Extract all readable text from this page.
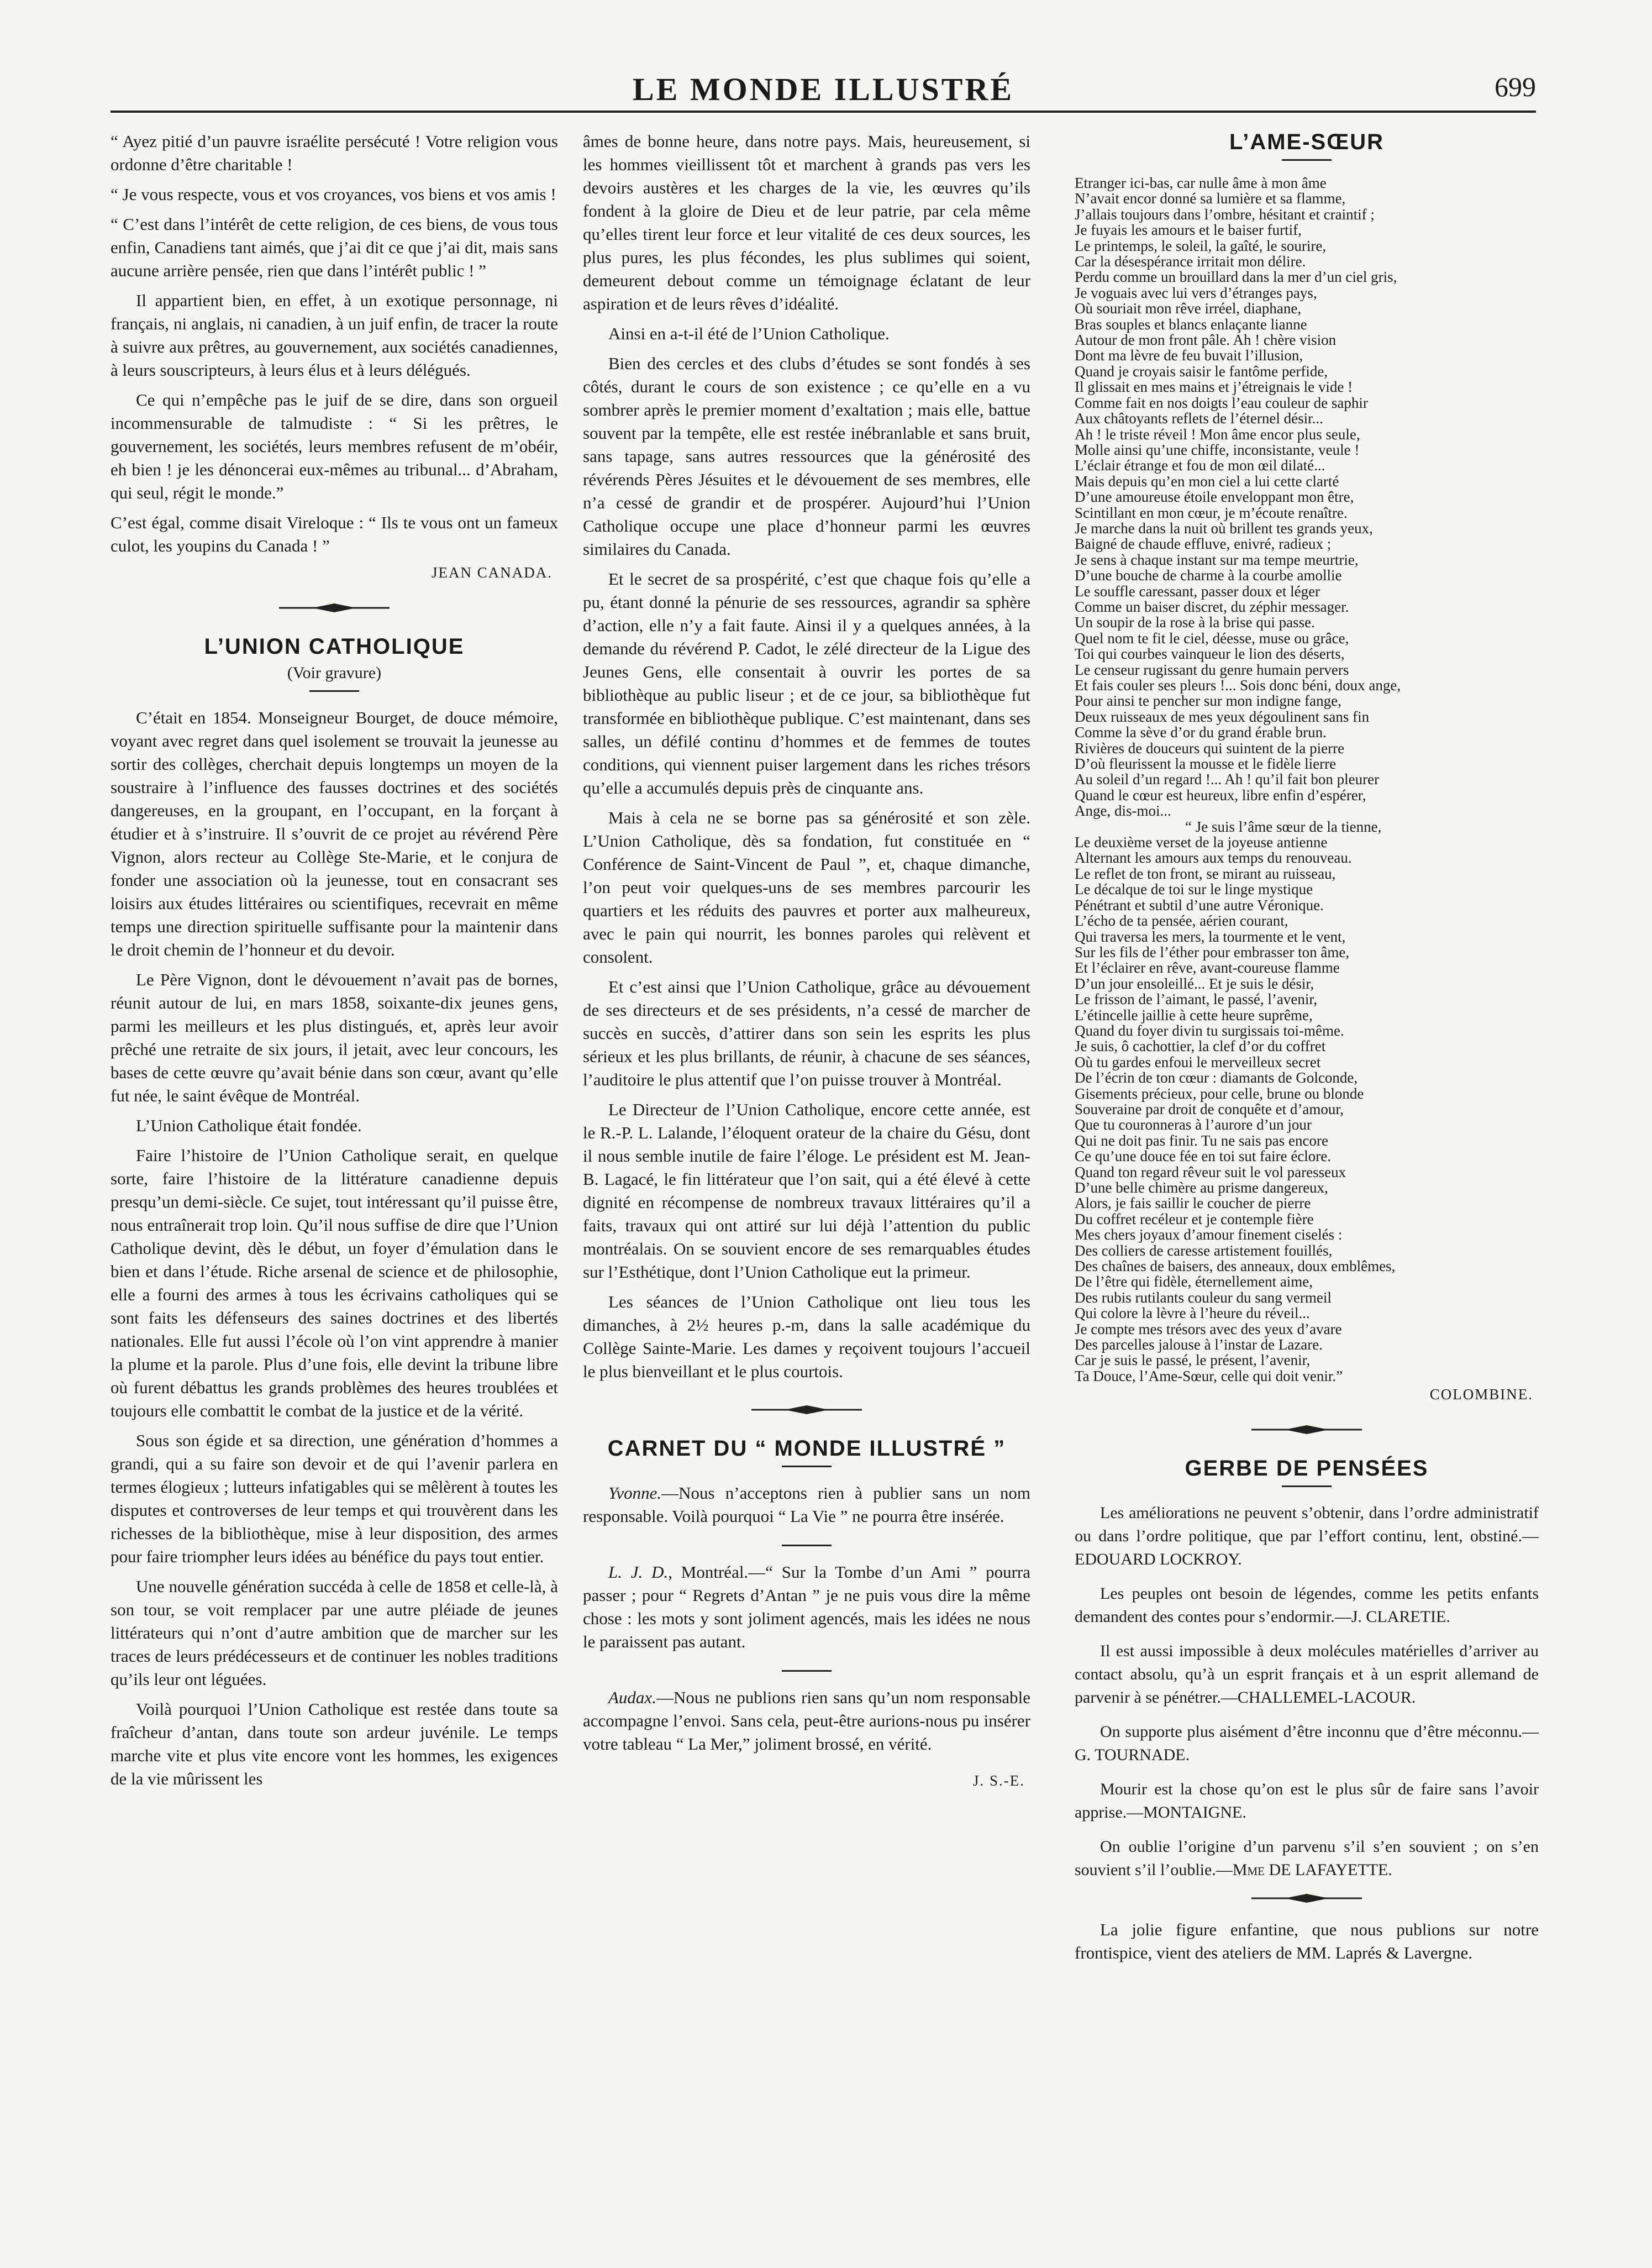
LE MONDE ILLUSTRÉ	699

“ Ayez pitié d’un pauvre israélite persécuté ! Votre religion vous ordonne d’être charitable !

“ Je vous respecte, vous et vos croyances, vos biens et vos amis !

“ C’est dans l’intérêt de cette religion, de ces biens, de vous tous enfin, Canadiens tant aimés, que j’ai dit ce que j’ai dit, mais sans aucune arrière pensée, rien que dans l’intérêt public ! ”

Il appartient bien, en effet, à un exotique personnage, ni français, ni anglais, ni canadien, à un juif enfin, de tracer la route à suivre aux prêtres, au gouvernement, aux sociétés canadiennes, à leurs souscripteurs, à leurs élus et à leurs délégués.

Ce qui n’empêche pas le juif de se dire, dans son orgueil incommensurable de talmudiste : “ Si les prêtres, le gouvernement, les sociétés, leurs membres refusent de m’obéir, eh bien ! je les dénoncerai eux-mêmes au tribunal... d’Abraham, qui seul, régit le monde.”

C’est égal, comme disait Vireloque : “ Ils te vous ont un fameux culot, les youpins du Canada ! ”

JEAN CANADA.
L’UNION CATHOLIQUE
(Voir gravure)

C’était en 1854. Monseigneur Bourget, de douce mémoire, voyant avec regret dans quel isolement se trouvait la jeunesse au sortir des collèges, cherchait depuis longtemps un moyen de la soustraire à l’influence des fausses doctrines et des sociétés dangereuses, en la groupant, en l’occupant, en la forçant à étudier et à s’instruire. Il s’ouvrit de ce projet au révérend Père Vignon, alors recteur au Collège Ste-Marie, et le conjura de fonder une association où la jeunesse, tout en consacrant ses loisirs aux études littéraires ou scientifiques, recevrait en même temps une direction spirituelle suffisante pour la maintenir dans le droit chemin de l’honneur et du devoir.

Le Père Vignon, dont le dévouement n’avait pas de bornes, réunit autour de lui, en mars 1858, soixante-dix jeunes gens, parmi les meilleurs et les plus distingués, et, après leur avoir prêché une retraite de six jours, il jetait, avec leur concours, les bases de cette œuvre qu’avait bénie dans son cœur, avant qu’elle fut née, le saint évêque de Montréal.

L’Union Catholique était fondée.

Faire l’histoire de l’Union Catholique serait, en quelque sorte, faire l’histoire de la littérature canadienne depuis presqu’un demi-siècle. Ce sujet, tout intéressant qu’il puisse être, nous entraînerait trop loin. Qu’il nous suffise de dire que l’Union Catholique devint, dès le début, un foyer d’émulation dans le bien et dans l’étude. Riche arsenal de science et de philosophie, elle a fourni des armes à tous les écrivains catholiques qui se sont faits les défenseurs des saines doctrines et des libertés nationales. Elle fut aussi l’école où l’on vint apprendre à manier la plume et la parole. Plus d’une fois, elle devint la tribune libre où furent débattus les grands problèmes des heures troublées et toujours elle combattit le combat de la justice et de la vérité.

Sous son égide et sa direction, une génération d’hommes a grandi, qui a su faire son devoir et de qui l’avenir parlera en termes élogieux ; lutteurs infatigables qui se mêlèrent à toutes les disputes et controverses de leur temps et qui trouvèrent dans les richesses de la bibliothèque, mise à leur disposition, des armes pour faire triompher leurs idées au bénéfice du pays tout entier.

Une nouvelle génération succéda à celle de 1858 et celle-là, à son tour, se voit remplacer par une autre pléiade de jeunes littérateurs qui n’ont d’autre ambition que de marcher sur les traces de leurs prédécesseurs et de continuer les nobles traditions qu’ils leur ont léguées.

Voilà pourquoi l’Union Catholique est restée dans toute sa fraîcheur d’antan, dans toute son ardeur juvénile. Le temps marche vite et plus vite encore vont les hommes, les exigences de la vie mûrissent les

âmes de bonne heure, dans notre pays. Mais, heureusement, si les hommes vieillissent tôt et marchent à grands pas vers les devoirs austères et les charges de la vie, les œuvres qu’ils fondent à la gloire de Dieu et de leur patrie, par cela même qu’elles tirent leur force et leur vitalité de ces deux sources, les plus pures, les plus fécondes, les plus sublimes qui soient, demeurent debout comme un témoignage éclatant de leur aspiration et de leurs rêves d’idéalité.

Ainsi en a-t-il été de l’Union Catholique.

Bien des cercles et des clubs d’études se sont fondés à ses côtés, durant le cours de son existence ; ce qu’elle en a vu sombrer après le premier moment d’exaltation ; mais elle, battue souvent par la tempête, elle est restée inébranlable et sans bruit, sans tapage, sans autres ressources que la générosité des révérends Pères Jésuites et le dévouement de ses membres, elle n’a cessé de grandir et de prospérer. Aujourd’hui l’Union Catholique occupe une place d’honneur parmi les œuvres similaires du Canada.

Et le secret de sa prospérité, c’est que chaque fois qu’elle a pu, étant donné la pénurie de ses ressources, agrandir sa sphère d’action, elle n’y a fait faute. Ainsi il y a quelques années, à la demande du révérend P. Cadot, le zélé directeur de la Ligue des Jeunes Gens, elle consentait à ouvrir les portes de sa bibliothèque au public liseur ; et de ce jour, sa bibliothèque fut transformée en bibliothèque publique. C’est maintenant, dans ses salles, un défilé continu d’hommes et de femmes de toutes conditions, qui viennent puiser largement dans les riches trésors qu’elle a accumulés depuis près de cinquante ans.

Mais à cela ne se borne pas sa générosité et son zèle. L’Union Catholique, dès sa fondation, fut constituée en “ Conférence de Saint-Vincent de Paul ”, et, chaque dimanche, l’on peut voir quelques-uns de ses membres parcourir les quartiers et les réduits des pauvres et porter aux malheureux, avec le pain qui nourrit, les bonnes paroles qui relèvent et consolent.

Et c’est ainsi que l’Union Catholique, grâce au dévouement de ses directeurs et de ses présidents, n’a cessé de marcher de succès en succès, d’attirer dans son sein les esprits les plus sérieux et les plus brillants, de réunir, à chacune de ses séances, l’auditoire le plus attentif que l’on puisse trouver à Montréal.

Le Directeur de l’Union Catholique, encore cette année, est le R.-P. L. Lalande, l’éloquent orateur de la chaire du Gésu, dont il nous semble inutile de faire l’éloge. Le président est M. Jean-B. Lagacé, le fin littérateur que l’on sait, qui a été élevé à cette dignité en récompense de nombreux travaux littéraires qu’il a faits, travaux qui ont attiré sur lui déjà l’attention du public montréalais. On se souvient encore de ses remarquables études sur l’Esthétique, dont l’Union Catholique eut la primeur.

Les séances de l’Union Catholique ont lieu tous les dimanches, à 2½ heures p.-m, dans la salle académique du Collège Sainte-Marie. Les dames y reçoivent toujours l’accueil le plus bienveillant et le plus courtois.

CARNET DU “ MONDE ILLUSTRÉ ”

Yvonne.—Nous n’acceptons rien à publier sans un nom responsable. Voilà pourquoi “ La Vie ” ne pourra être insérée.

L. J. D., Montréal.—“ Sur la Tombe d’un Ami ” pourra passer ; pour “ Regrets d’Antan ” je ne puis vous dire la même chose : les mots y sont joliment agencés, mais les idées ne nous le paraissent pas autant.

Audax.—Nous ne publions rien sans qu’un nom responsable accompagne l’envoi. Sans cela, peut-être aurions-nous pu insérer votre tableau “ La Mer,” joliment brossé, en vérité.

J. S.-E.
L’AME-SŒUR
Etranger ici-bas, car nulle âme à mon âme
N’avait encor donné sa lumière et sa flamme,
J’allais toujours dans l’ombre, hésitant et craintif ;
Je fuyais les amours et le baiser furtif,
Le printemps, le soleil, la gaîté, le sourire,
Car la désespérance irritait mon délire.
Perdu comme un brouillard dans la mer d’un ciel gris,
Je voguais avec lui vers d’étranges pays,
Où souriait mon rêve irréel, diaphane,
Bras souples et blancs enlaçante lianne
Autour de mon front pâle. Ah ! chère vision
Dont ma lèvre de feu buvait l’illusion,
Quand je croyais saisir le fantôme perfide,
Il glissait en mes mains et j’étreignais le vide !
Comme fait en nos doigts l’eau couleur de saphir
Aux châtoyants reflets de l’éternel désir...
Ah ! le triste réveil ! Mon âme encor plus seule,
Molle ainsi qu’une chiffe, inconsistante, veule !
L’éclair étrange et fou de mon œil dilaté...
Mais depuis qu’en mon ciel a lui cette clarté
D’une amoureuse étoile enveloppant mon être,
Scintillant en mon cœur, je m’écoute renaître.
Je marche dans la nuit où brillent tes grands yeux,
Baigné de chaude effluve, enivré, radieux ;
Je sens à chaque instant sur ma tempe meurtrie,
D’une bouche de charme à la courbe amollie
Le souffle caressant, passer doux et léger
Comme un baiser discret, du zéphir messager.
Un soupir de la rose à la brise qui passe.
Quel nom te fit le ciel, déesse, muse ou grâce,
Toi qui courbes vainqueur le lion des déserts,
Le censeur rugissant du genre humain pervers
Et fais couler ses pleurs !... Sois donc béni, doux ange,
Pour ainsi te pencher sur mon indigne fange,
Deux ruisseaux de mes yeux dégoulinent sans fin
Comme la sève d’or du grand érable brun.
Rivières de douceurs qui suintent de la pierre
D’où fleurissent la mousse et le fidèle lierre
Au soleil d’un regard !... Ah ! qu’il fait bon pleurer
Quand le cœur est heureux, libre enfin d’espérer,
Ange, dis-moi...
“ Je suis l’âme sœur de la tienne,
Le deuxième verset de la joyeuse antienne
Alternant les amours aux temps du renouveau.
Le reflet de ton front, se mirant au ruisseau,
Le décalque de toi sur le linge mystique
Pénétrant et subtil d’une autre Véronique.
L’écho de ta pensée, aérien courant,
Qui traversa les mers, la tourmente et le vent,
Sur les fils de l’éther pour embrasser ton âme,
Et l’éclairer en rêve, avant-coureuse flamme
D’un jour ensoleillé... Et je suis le désir,
Le frisson de l’aimant, le passé, l’avenir,
L’étincelle jaillie à cette heure suprême,
Quand du foyer divin tu surgissais toi-même.
Je suis, ô cachottier, la clef d’or du coffret
Où tu gardes enfoui le merveilleux secret
De l’écrin de ton cœur : diamants de Golconde,
Gisements précieux, pour celle, brune ou blonde
Souveraine par droit de conquête et d’amour,
Que tu couronneras à l’aurore d’un jour
Qui ne doit pas finir. Tu ne sais pas encore
Ce qu’une douce fée en toi sut faire éclore.
Quand ton regard rêveur suit le vol paresseux
D’une belle chimère au prisme dangereux,
Alors, je fais saillir le coucher de pierre
Du coffret recéleur et je contemple fière
Mes chers joyaux d’amour finement ciselés :
Des colliers de caresse artistement fouillés,
Des chaînes de baisers, des anneaux, doux emblêmes,
De l’être qui fidèle, éternellement aime,
Des rubis rutilants couleur du sang vermeil
Qui colore la lèvre à l’heure du réveil...
Je compte mes trésors avec des yeux d’avare
Des parcelles jalouse à l’instar de Lazare.
Car je suis le passé, le présent, l’avenir,
Ta Douce, l’Ame-Sœur, celle qui doit venir.”
COLOMBINE.
GERBE DE PENSÉES

Les améliorations ne peuvent s’obtenir, dans l’ordre administratif ou dans l’ordre politique, que par l’effort continu, lent, obstiné.—EDOUARD LOCKROY.

Les peuples ont besoin de légendes, comme les petits enfants demandent des contes pour s’endormir.—J. CLARETIE.

Il est aussi impossible à deux molécules matérielles d’arriver au contact absolu, qu’à un esprit français et à un esprit allemand de parvenir à se pénétrer.—CHALLEMEL-LACOUR.

On supporte plus aisément d’être inconnu que d’être méconnu.—G. TOURNADE.

Mourir est la chose qu’on est le plus sûr de faire sans l’avoir apprise.—MONTAIGNE.

On oublie l’origine d’un parvenu s’il s’en souvient ; on s’en souvient s’il l’oublie.—Mme DE LAFAYETTE.

La jolie figure enfantine, que nous publions sur notre frontispice, vient des ateliers de MM. Laprés & Lavergne.
